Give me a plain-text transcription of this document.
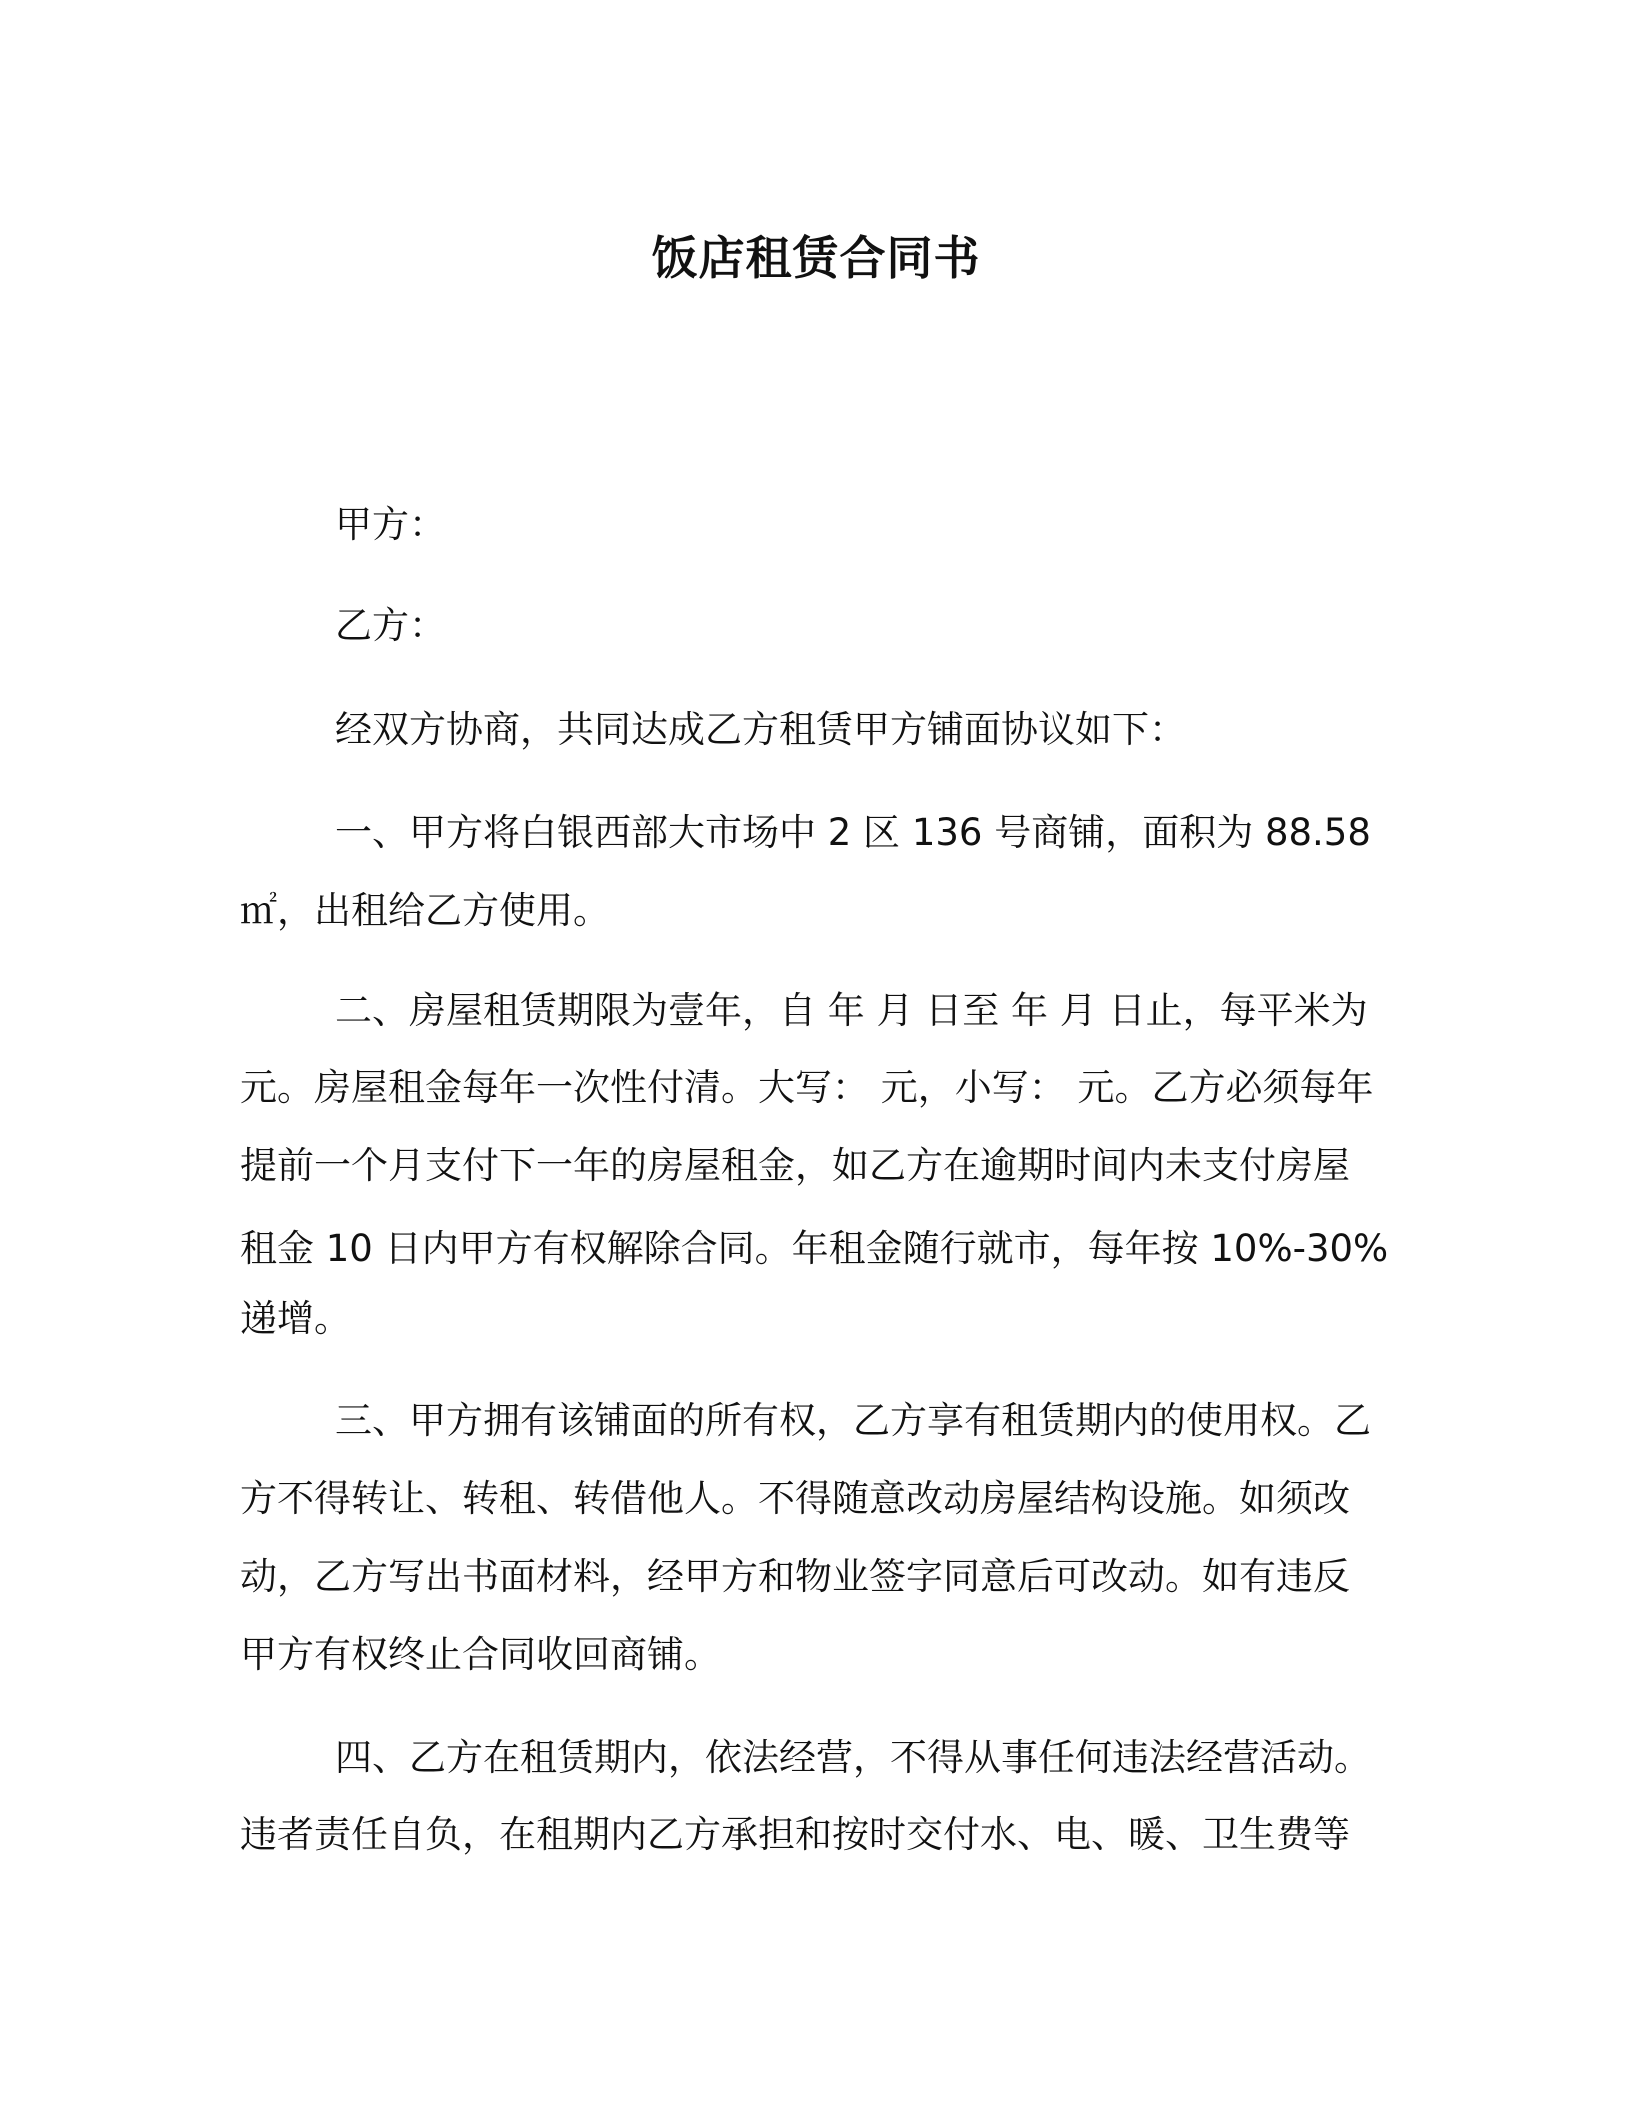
饭店租赁合同书

甲方：

乙方：

经双方协商，共同达成乙方租赁甲方铺面协议如下：

一、甲方将白银西部大市场中 2 区 136 号商铺，面积为 88.58

㎡，出租给乙方使用。

二、房屋租赁期限为壹年，自 年 月 日至 年 月 日止，每平米为

元。房屋租金每年一次性付清。大写： 元，小写： 元。乙方必须每年

提前一个月支付下一年的房屋租金，如乙方在逾期时间内未支付房屋

租金 10 日内甲方有权解除合同。年租金随行就市，每年按 10%-30%

递增。

三、甲方拥有该铺面的所有权，乙方享有租赁期内的使用权。乙

方不得转让、转租、转借他人。不得随意改动房屋结构设施。如须改

动，乙方写出书面材料，经甲方和物业签字同意后可改动。如有违反

甲方有权终止合同收回商铺。

四、乙方在租赁期内，依法经营，不得从事任何违法经营活动。

违者责任自负，在租期内乙方承担和按时交付水、电、暖、卫生费等
